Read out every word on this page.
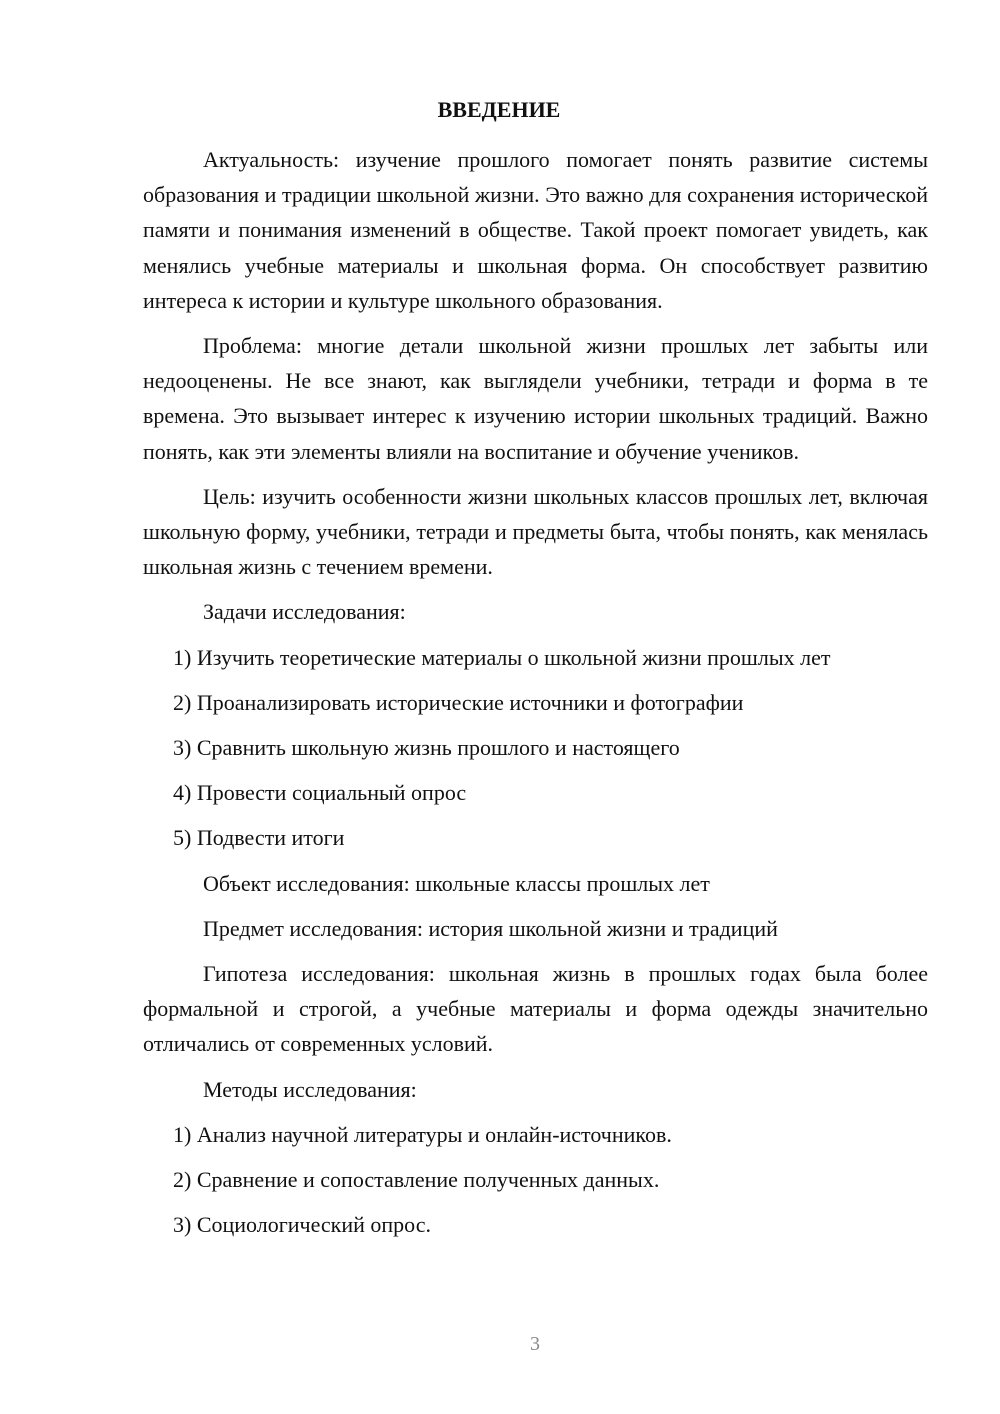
ВВЕДЕНИЕ

Актуальность: изучение прошлого помогает понять развитие системы образования и традиции школьной жизни. Это важно для сохранения исторической памяти и понимания изменений в обществе. Такой проект помогает увидеть, как менялись учебные материалы и школьная форма. Он способствует развитию интереса к истории и культуре школьного образования.

Проблема: многие детали школьной жизни прошлых лет забыты или недооценены. Не все знают, как выглядели учебники, тетради и форма в те времена. Это вызывает интерес к изучению истории школьных традиций. Важно понять, как эти элементы влияли на воспитание и обучение учеников.

Цель: изучить особенности жизни школьных классов прошлых лет, включая школьную форму, учебники, тетради и предметы быта, чтобы понять, как менялась школьная жизнь с течением времени.

Задачи исследования:
1) Изучить теоретические материалы о школьной жизни прошлых лет
2) Проанализировать исторические источники и фотографии
3) Сравнить школьную жизнь прошлого и настоящего
4) Провести социальный опрос
5) Подвести итоги
Объект исследования: школьные классы прошлых лет
Предмет исследования: история школьной жизни и традиций

Гипотеза исследования: школьная жизнь в прошлых годах была более формальной и строгой, а учебные материалы и форма одежды значительно отличались от современных условий.

Методы исследования:
1) Анализ научной литературы и онлайн-источников.
2) Сравнение и сопоставление полученных данных.
3) Социологический опрос.
3
